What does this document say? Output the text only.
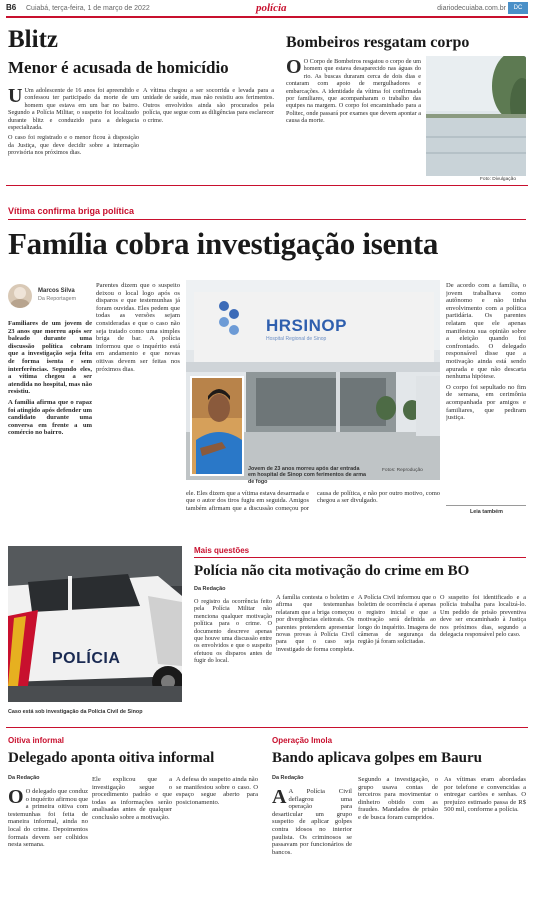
B6 Cuiabá, terça-feira, 1 de março de 2022	polícia	diariodecuiaba.com.br	DC
Blitz
Menor é acusada de homicídio

U Um adolescente de 16 anos foi apreendido e confessou ter participado da morte de um homem que estava em um bar no bairro. Segundo a Polícia Militar, o suspeito foi localizado durante blitz e conduzido para a delegacia especializada.

O caso foi registrado e o menor ficou à disposição da Justiça, que deve decidir sobre a internação provisória nos próximos dias.

A vítima chegou a ser socorrida e levada para a unidade de saúde, mas não resistiu aos ferimentos. Outros envolvidos ainda são procurados pela polícia, que segue com as diligências para esclarecer o crime.

Bombeiros resgatam corpo

O O Corpo de Bombeiros resgatou o corpo de um homem que estava desaparecido nas águas do rio. As buscas duraram cerca de dois dias e contaram com apoio de mergulhadores e embarcações. A identidade da vítima foi confirmada por familiares, que acompanharam o trabalho das equipes na margem. O corpo foi encaminhado para a Politec, onde passará por exames que devem apontar a causa da morte.

Foto: Divulgação
Vítima confirma briga política
Família cobra investigação isenta
Marcos Silva
Da Reportagem

Familiares de um jovem de 23 anos que morreu após ser baleado durante uma discussão política cobram que a investigação seja feita de forma isenta e sem interferências. Segundo eles, a vítima chegou a ser atendida no hospital, mas não resistiu.

A família afirma que o rapaz foi atingido após defender um candidato durante uma conversa em frente a um comércio no bairro.

Parentes dizem que o suspeito deixou o local logo após os disparos e que testemunhas já foram ouvidas. Eles pedem que todas as versões sejam consideradas e que o caso não seja tratado como uma simples briga de bar. A polícia informou que o inquérito está em andamento e que novas oitivas devem ser feitas nos próximos dias.

HRSINOP
Hospital Regional de Sinop
Fotos: Reprodução
Jovem de 23 anos morreu após dar entrada em hospital de Sinop com ferimentos de arma de fogo

ele. Eles dizem que a vítima estava desarmada e que o autor dos tiros fugiu em seguida. Amigos também afirmam que a discussão começou por causa de política, e não por outro motivo, como chegou a ser divulgado.

De acordo com a família, o jovem trabalhava como autônomo e não tinha envolvimento com a política partidária. Os parentes relatam que ele apenas manifestou sua opinião sobre a eleição quando foi confrontado. O delegado responsável disse que a motivação ainda está sendo apurada e que não descarta nenhuma hipótese.

O corpo foi sepultado no fim de semana, em cerimônia acompanhada por amigos e familiares, que pediram justiça.

Leia também
POLÍCIA
Caso está sob investigação da Polícia Civil de Sinop
Mais questões
Polícia não cita motivação do crime em BO
Da Redação

O registro da ocorrência feito pela Polícia Militar não menciona qualquer motivação política para o crime. O documento descreve apenas que houve uma discussão entre os envolvidos e que o suspeito efetuou os disparos antes de fugir do local.

A família contesta o boletim e afirma que testemunhas relataram que a briga começou por divergências eleitorais. Os parentes pretendem apresentar novas provas à Polícia Civil para que o caso seja investigado de forma completa.

A Polícia Civil informou que o boletim de ocorrência é apenas o registro inicial e que a motivação será definida ao longo do inquérito. Imagens de câmeras de segurança da região já foram solicitadas.

O suspeito foi identificado e a polícia trabalha para localizá-lo. Um pedido de prisão preventiva deve ser encaminhado à Justiça nos próximos dias, segundo a delegacia responsável pelo caso.

Oitiva informal
Delegado aponta oitiva informal
Da Redação

O O delegado que conduz o inquérito afirmou que a primeira oitiva com testemunhas foi feita de maneira informal, ainda no local do crime. Depoimentos formais devem ser colhidos nesta semana.

Ele explicou que a investigação segue o procedimento padrão e que todas as informações serão analisadas antes de qualquer conclusão sobre a motivação.

A defesa do suspeito ainda não se manifestou sobre o caso. O espaço segue aberto para posicionamento.

Operação Imola
Bando aplicava golpes em Bauru
Da Redação

A A Polícia Civil deflagrou uma operação para desarticular um grupo suspeito de aplicar golpes contra idosos no interior paulista. Os criminosos se passavam por funcionários de bancos.

Segundo a investigação, o grupo usava contas de terceiros para movimentar o dinheiro obtido com as fraudes. Mandados de prisão e de busca foram cumpridos.

As vítimas eram abordadas por telefone e convencidas a entregar cartões e senhas. O prejuízo estimado passa de R$ 500 mil, conforme a polícia.
